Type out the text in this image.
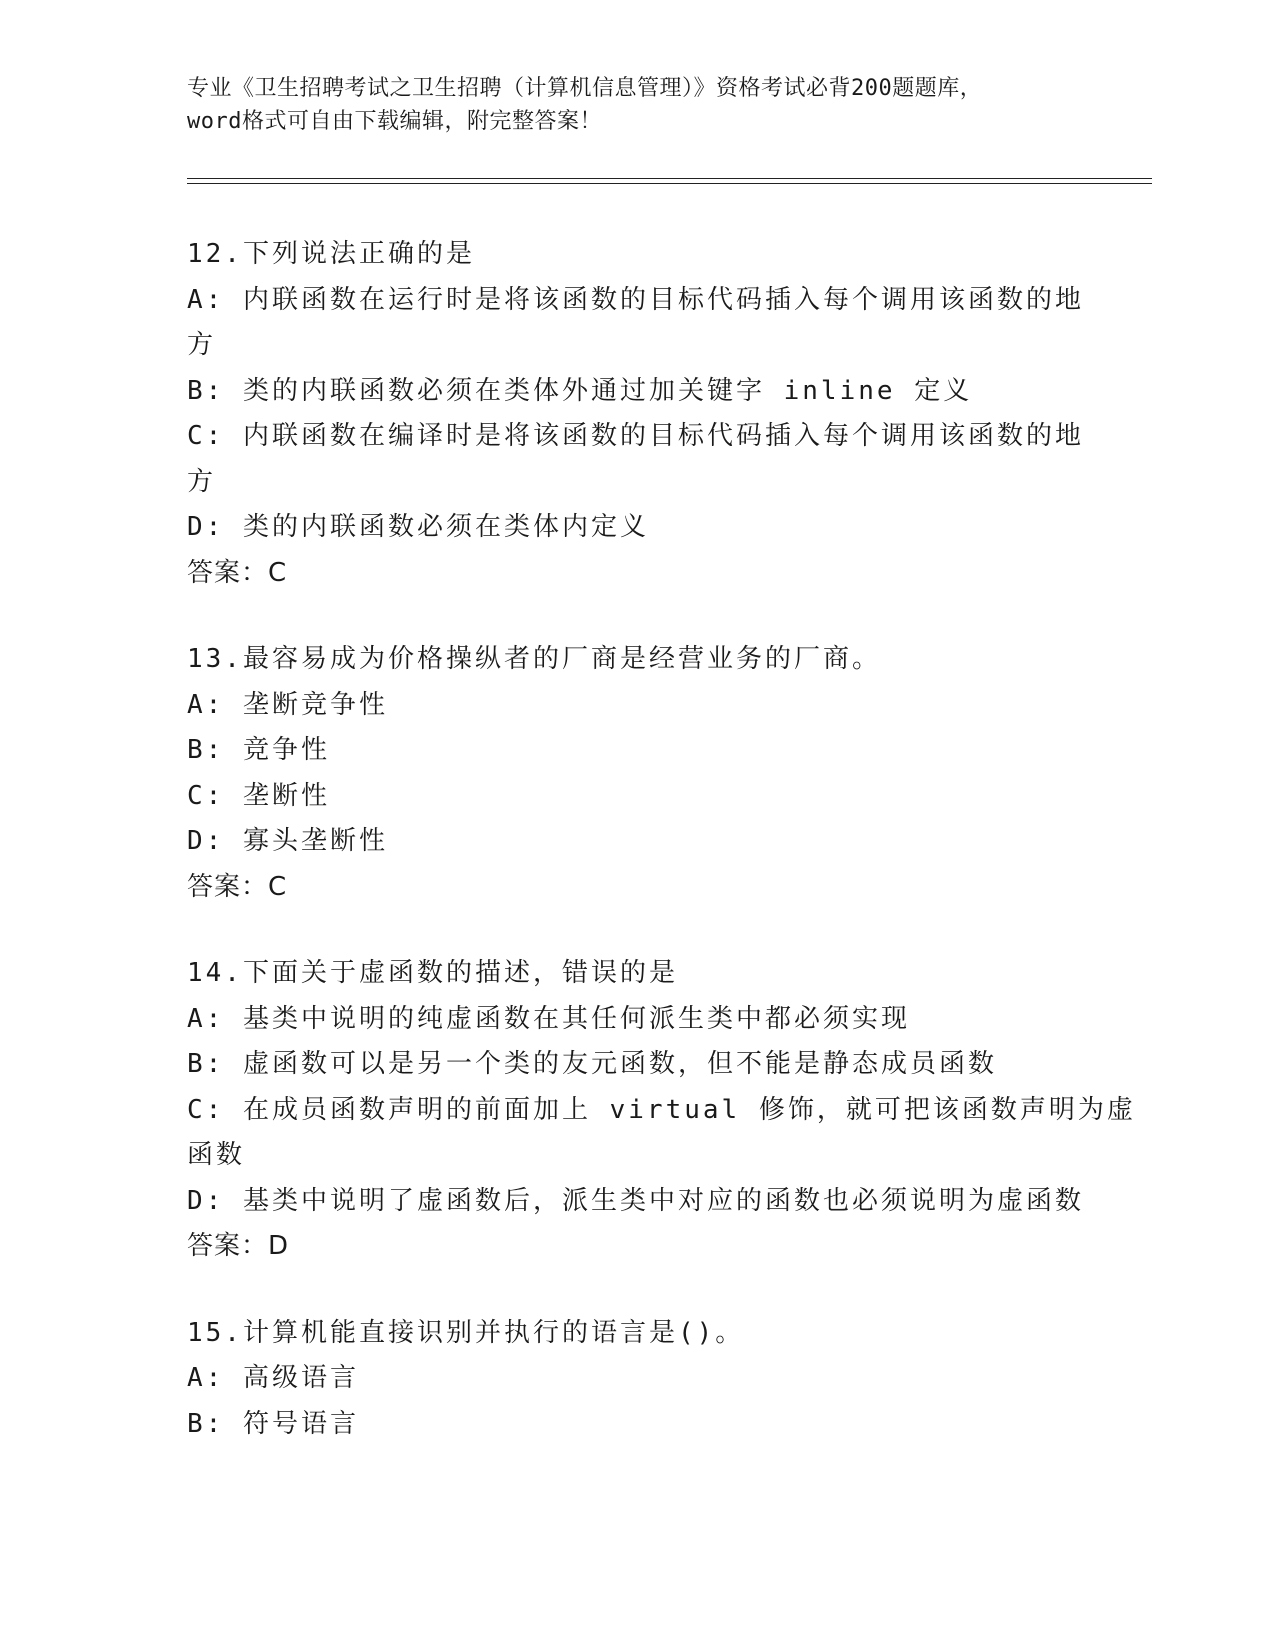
专业《卫生招聘考试之卫生招聘（计算机信息管理）》资格考试必背200题题库，
word格式可自由下载编辑，附完整答案！
12.下列说法正确的是
A: 内联函数在运行时是将该函数的目标代码插入每个调用该函数的地
方
B: 类的内联函数必须在类体外通过加关键字 inline 定义
C: 内联函数在编译时是将该函数的目标代码插入每个调用该函数的地
方
D: 类的内联函数必须在类体内定义
答案：C
13.最容易成为价格操纵者的厂商是经营业务的厂商。
A: 垄断竞争性
B: 竞争性
C: 垄断性
D: 寡头垄断性
答案：C
14.下面关于虚函数的描述，错误的是
A: 基类中说明的纯虚函数在其任何派生类中都必须实现
B: 虚函数可以是另一个类的友元函数，但不能是静态成员函数
C: 在成员函数声明的前面加上 virtual 修饰，就可把该函数声明为虚
函数
D: 基类中说明了虚函数后，派生类中对应的函数也必须说明为虚函数
答案：D
15.计算机能直接识别并执行的语言是()。
A: 高级语言
B: 符号语言
